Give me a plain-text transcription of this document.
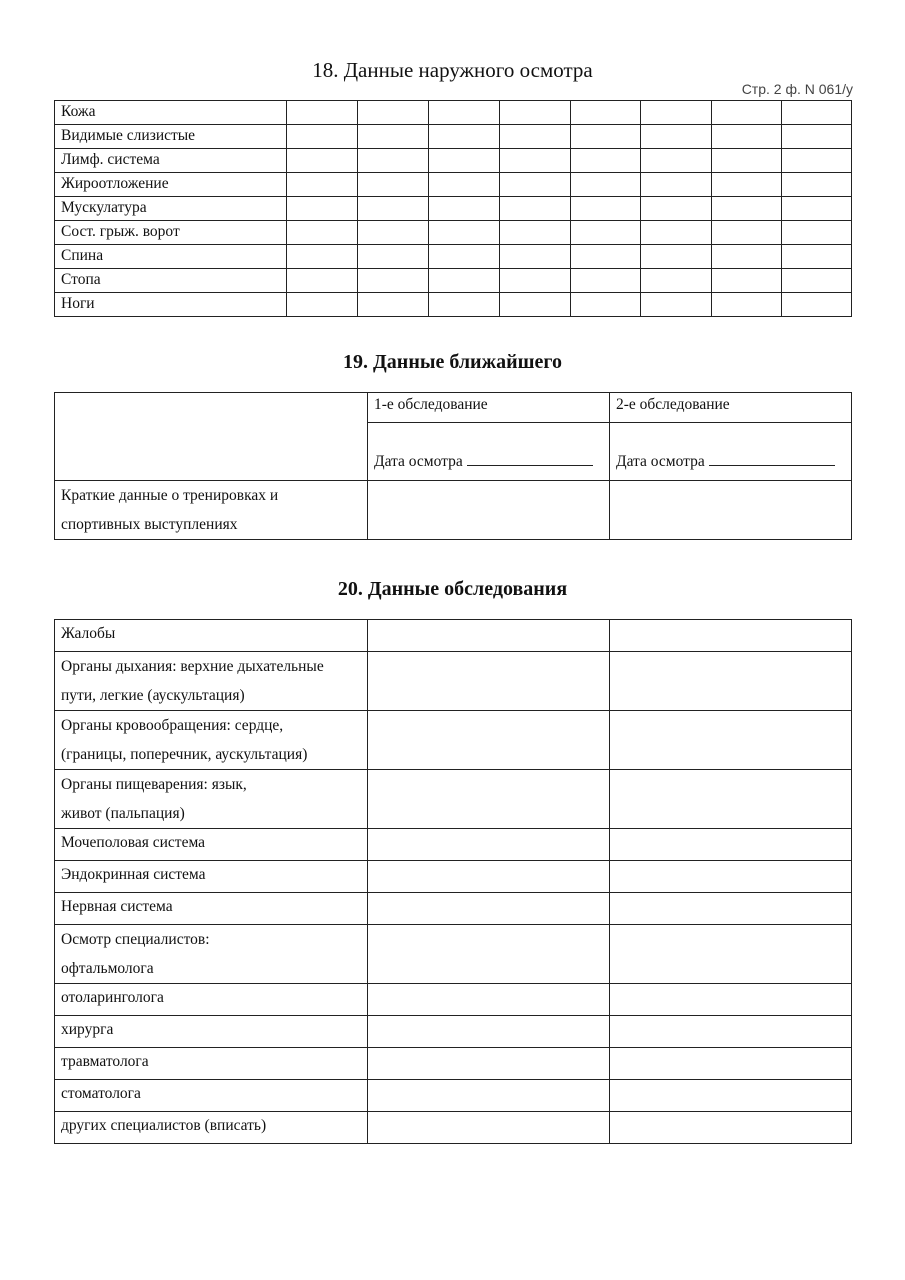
Стр. 2 ф. N 061/у
18. Данные наружного осмотра
Кожа								
Видимые слизистые								
Лимф. система								
Жироотложение								
Мускулатура								
Сост. грыж. ворот								
Спина								
Стопа								
Ноги								
19. Данные ближайшего
	1-е обследование	2-е обследование
	Дата осмотра	Дата осмотра

Краткие данные о тренировках и
спортивных выступлениях		

20. Данные обследования
Жалобы		

Органы дыхания: верхние дыхательные
пути, легкие (аускультация)		

Органы кровообращения: сердце,
(границы, поперечник, аускультация)		

Органы пищеварения: язык,
живот (пальпация)		

Мочеполовая система		

Эндокринная система		

Нервная система		

Осмотр специалистов:
офтальмолога		

отоларинголога		

хирурга		

травматолога		

стоматолога		

других специалистов (вписать)		
